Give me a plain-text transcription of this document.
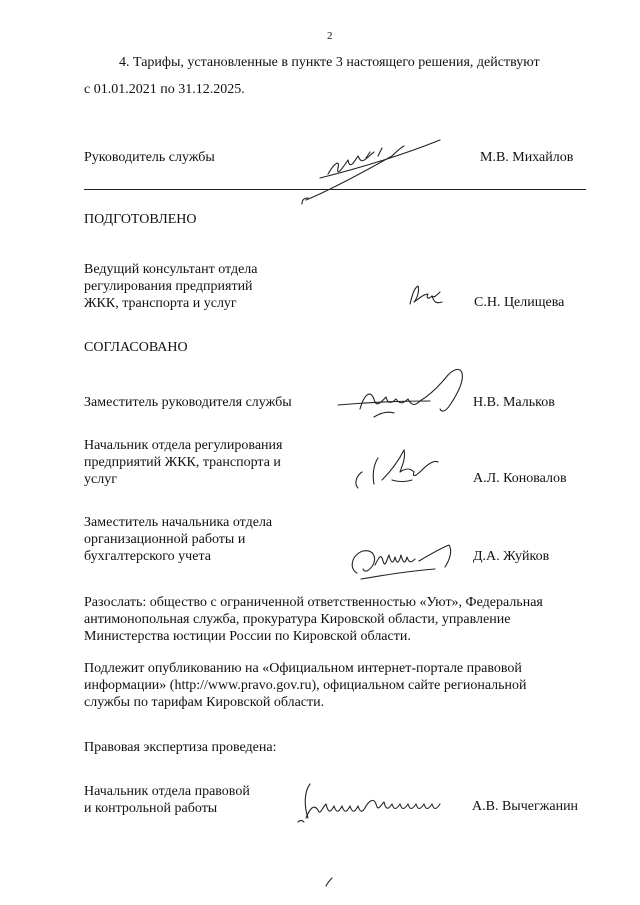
2
4. Тарифы, установленные в пункте 3 настоящего решения, действуют
с 01.01.2021 по 31.12.2025.
Руководитель службы	М.В. Михайлов
ПОДГОТОВЛЕНО
Ведущий консультант отдела
регулирования предприятий
ЖКК, транспорта и услуг	С.Н. Целищева
СОГЛАСОВАНО
Заместитель руководителя службы	Н.В. Мальков
Начальник отдела регулирования
предприятий ЖКК, транспорта и
услуг	А.Л. Коновалов
Заместитель начальника отдела
организационной работы и
бухгалтерского учета	Д.А. Жуйков
Разослать: общество с ограниченной ответственностью «Уют», Федеральная
антимонопольная служба, прокуратура Кировской области, управление
Министерства юстиции России по Кировской области.
Подлежит опубликованию на «Официальном интернет-портале правовой
информации» (http://www.pravo.gov.ru), официальном сайте региональной
службы по тарифам Кировской области.
Правовая экспертиза проведена:
Начальник отдела правовой
и контрольной работы	А.В. Вычегжанин
